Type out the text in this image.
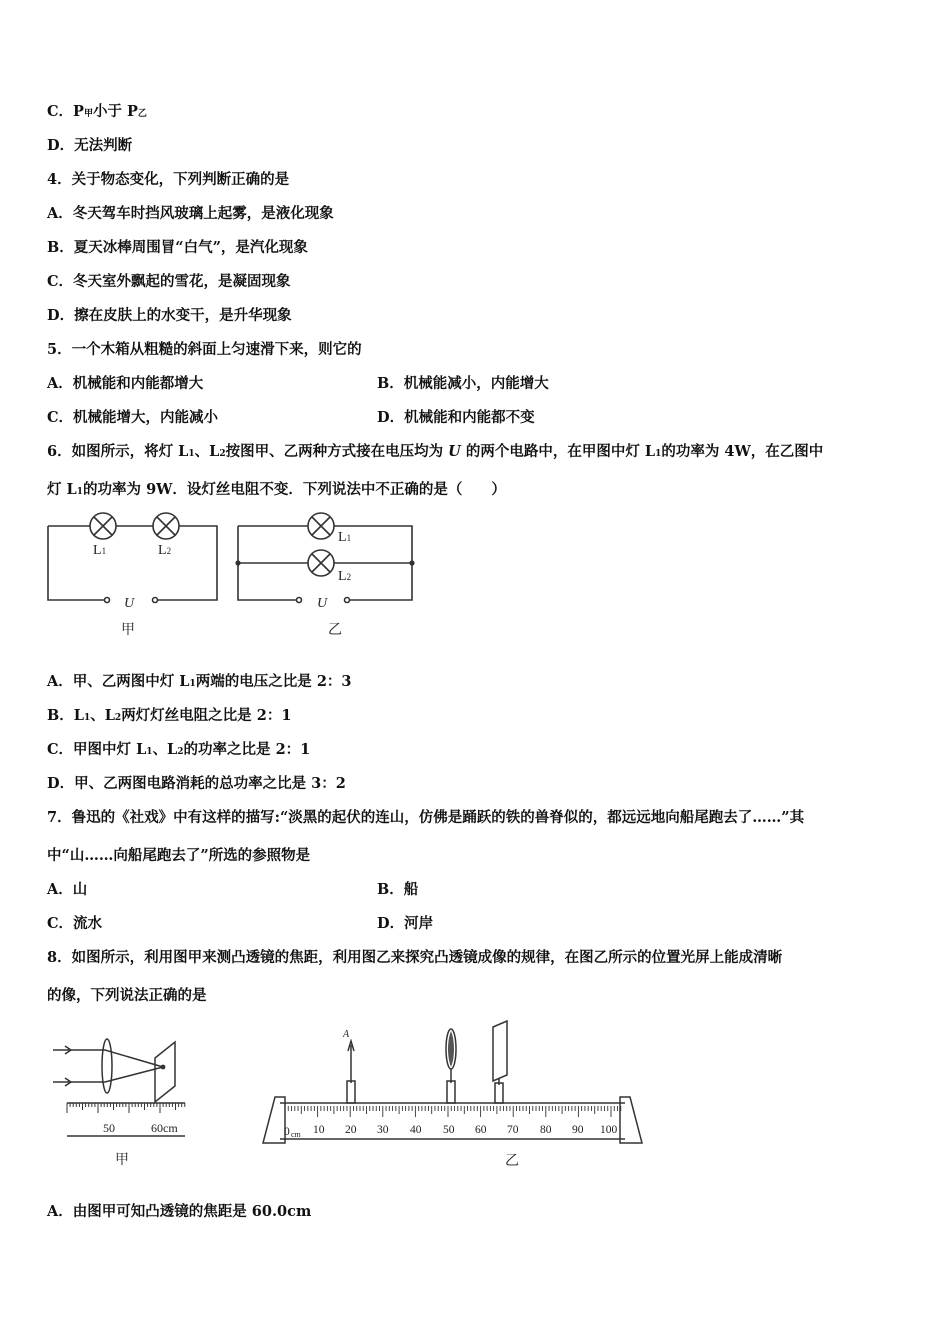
C．P甲小于 P乙
D．无法判断
4．关于物态变化，下列判断正确的是
A．冬天驾车时挡风玻璃上起雾，是液化现象
B．夏天冰棒周围冒“白气”，是汽化现象
C．冬天室外飘起的雪花，是凝固现象
D．擦在皮肤上的水变干，是升华现象
5．一个木箱从粗糙的斜面上匀速滑下来，则它的
A．机械能和内能都增大	B．机械能减小，内能增大
C．机械能增大，内能减小	D．机械能和内能都不变
6．如图所示，将灯 L1、L2按图甲、乙两种方式接在电压均为 U 的两个电路中，在甲图中灯 L1的功率为 4W，在乙图中
灯 L1的功率为 9W．设灯丝电阻不变．下列说法中不正确的是（　　）
L1	L2
U
甲
L1
L2
U
乙
A．甲、乙两图中灯 L1两端的电压之比是 2：3
B．L1、L2两灯灯丝电阻之比是 2：1
C．甲图中灯 L1、L2的功率之比是 2：1
D．甲、乙两图电路消耗的总功率之比是 3：2
7．鲁迅的《社戏》中有这样的描写:“淡黑的起伏的连山，仿佛是踊跃的铁的兽脊似的，都远远地向船尾跑去了……”其
中“山……向船尾跑去了”所选的参照物是
A．山	B．船
C．流水	D．河岸
8．如图所示，利用图甲来测凸透镜的焦距，利用图乙来探究凸透镜成像的规律，在图乙所示的位置光屏上能成清晰
的像，下列说法正确的是
50	60cm
甲
A
0 cm 10 20 30 40 50 60 70 80 90 100
乙
A．由图甲可知凸透镜的焦距是 60.0cm
